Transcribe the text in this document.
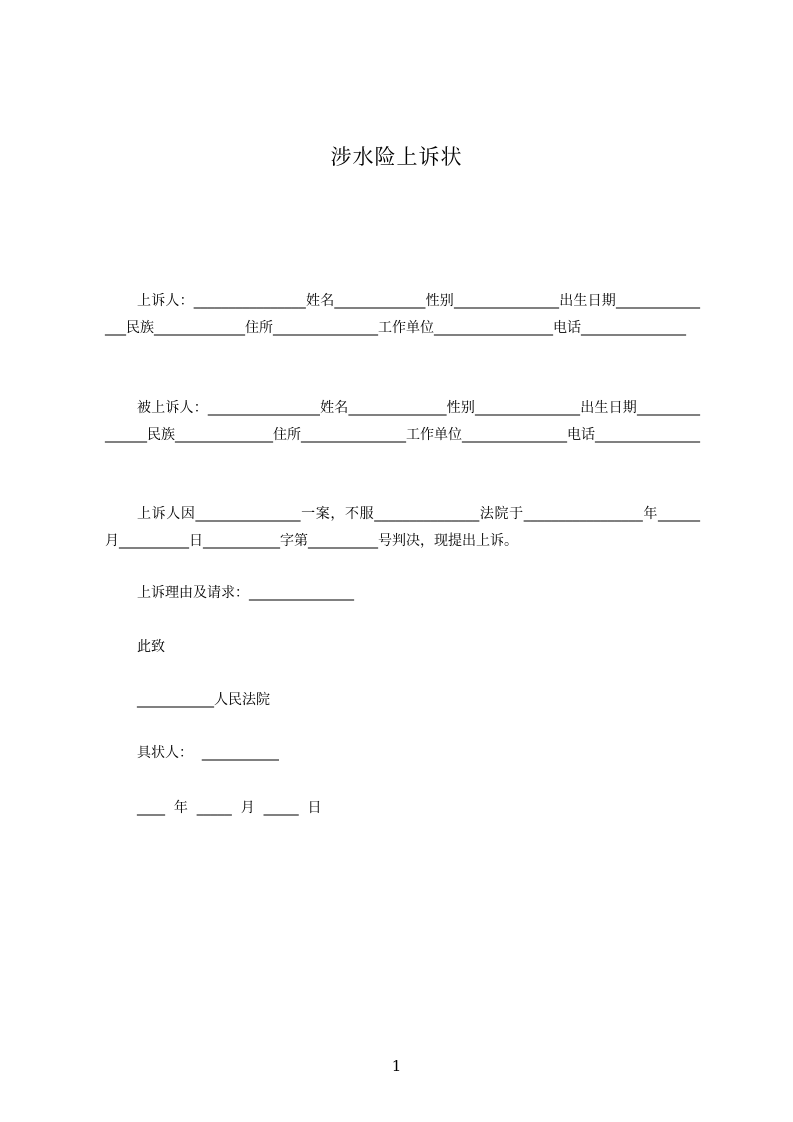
涉水险上诉状
上诉人：________________姓名_____________性别_______________出生日期_______________民族_____________住所_______________工作单位_________________电话_______________
被上诉人：________________姓名______________性别_______________出生日期_______________民族______________住所_______________工作单位_______________电话_______________
上诉人因_______________一案，不服_______________法院于_________________年______月__________日___________字第__________号判决，现提出上诉。
上诉理由及请求：_______________
此致
___________人民法院
具状人：  ___________
____  年  _____  月  _____  日
1
